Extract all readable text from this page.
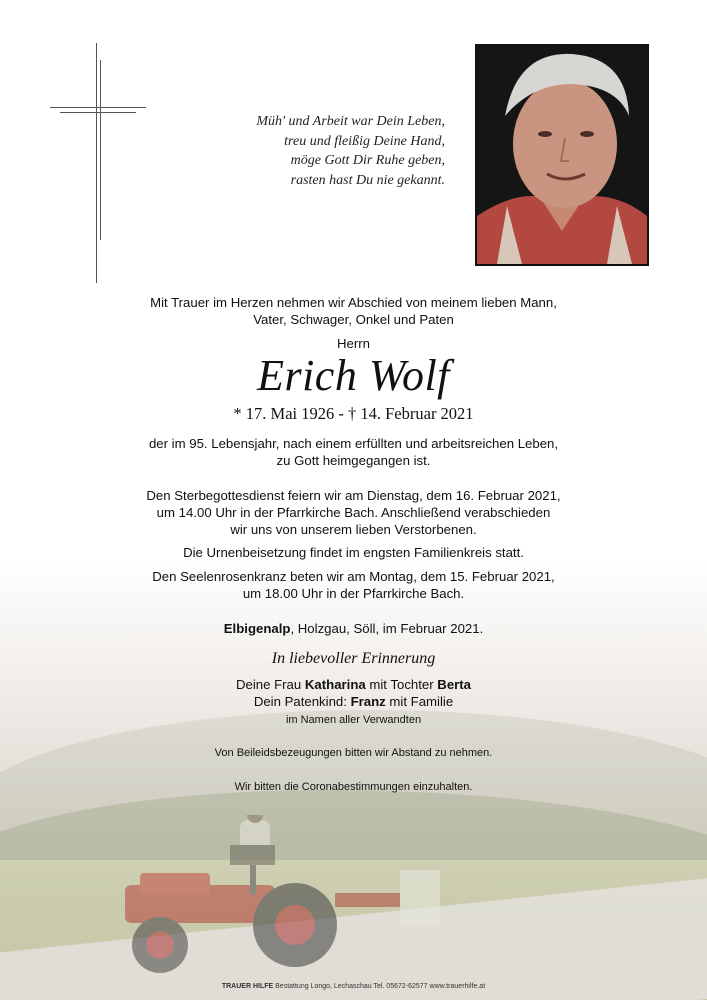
Müh' und Arbeit war Dein Leben,
treu und fleißig Deine Hand,
möge Gott Dir Ruhe geben,
rasten hast Du nie gekannt.
Mit Trauer im Herzen nehmen wir Abschied von meinem lieben Mann,
Vater, Schwager, Onkel und Paten
Herrn
Erich Wolf
* 17. Mai 1926 - † 14. Februar 2021
der im 95. Lebensjahr, nach einem erfüllten und arbeitsreichen Leben,
zu Gott heimgegangen ist.
Den Sterbegottesdienst feiern wir am Dienstag, dem 16. Februar 2021,
um 14.00 Uhr in der Pfarrkirche Bach. Anschließend verabschieden
wir uns von unserem lieben Verstorbenen.
Die Urnenbeisetzung findet im engsten Familienkreis statt.
Den Seelenrosenkranz beten wir am Montag, dem 15. Februar 2021,
um 18.00 Uhr in der Pfarrkirche Bach.
Elbigenalp, Holzgau, Söll, im Februar 2021.
In liebevoller Erinnerung
Deine Frau Katharina mit Tochter Berta
Dein Patenkind: Franz mit Familie
im Namen aller Verwandten
Von Beileidsbezeugungen bitten wir Abstand zu nehmen.
Wir bitten die Coronabestimmungen einzuhalten.
TRAUER HILFE Bestattung Longo, Lechaschau Tel. 05672-62577 www.trauerhilfe.at
